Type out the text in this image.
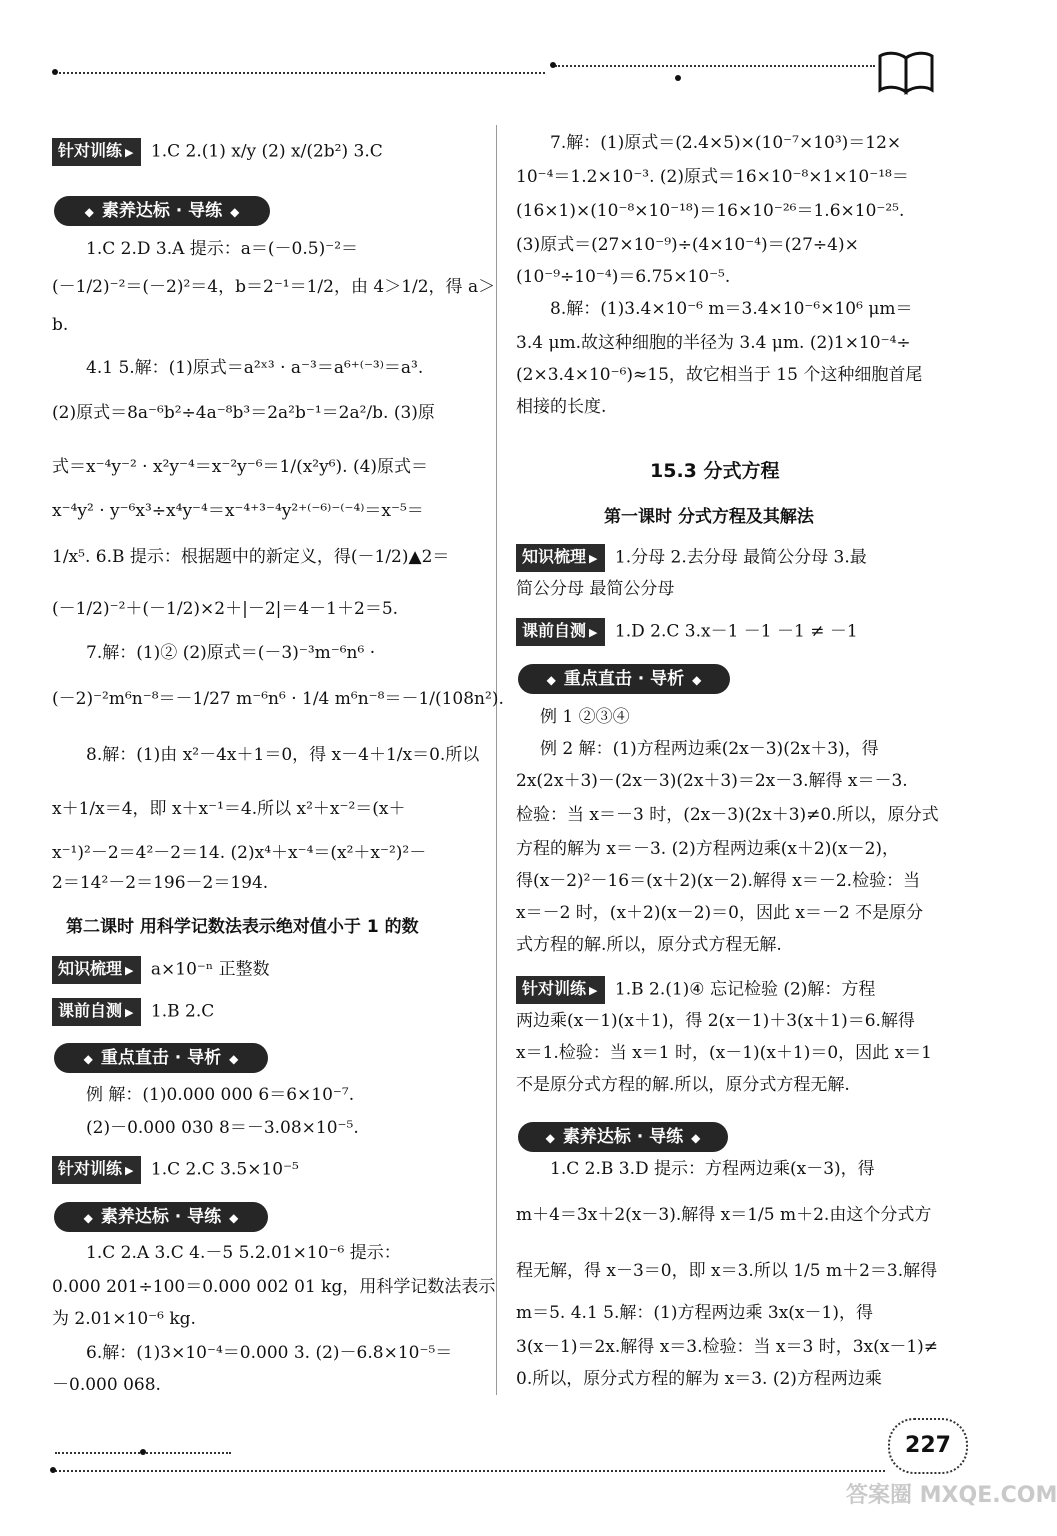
针对训练 ▶ 1.C 2.(1) x/y (2) x/(2b²) 3.C
◆ 素养达标 · 导练 ◆
1.C 2.D 3.A 提示：a＝(－0.5)⁻²＝
(－1/2)⁻²＝(－2)²＝4，b＝2⁻¹＝1/2，由 4＞1/2，得 a＞
b.
4.1 5.解：(1)原式＝a²ˣ³ · a⁻³＝a⁶⁺⁽⁻³⁾＝a³.
(2)原式＝8a⁻⁶b²÷4a⁻⁸b³＝2a²b⁻¹＝2a²/b. (3)原
式＝x⁻⁴y⁻² · x²y⁻⁴＝x⁻²y⁻⁶＝1/(x²y⁶). (4)原式＝
x⁻⁴y² · y⁻⁶x³÷x⁴y⁻⁴＝x⁻⁴⁺³⁻⁴y²⁺⁽⁻⁶⁾⁻⁽⁻⁴⁾＝x⁻⁵＝
1/x⁵. 6.B 提示：根据题中的新定义，得(－1/2)▲2＝
(－1/2)⁻²＋(－1/2)×2＋|－2|＝4－1＋2＝5.
7.解：(1)② (2)原式＝(－3)⁻³m⁻⁶n⁶ ·
(－2)⁻²m⁶n⁻⁸＝－1/27 m⁻⁶n⁶ · 1/4 m⁶n⁻⁸＝－1/(108n²).
8.解：(1)由 x²－4x＋1＝0，得 x－4＋1/x＝0.所以
x＋1/x＝4，即 x＋x⁻¹＝4.所以 x²＋x⁻²＝(x＋
x⁻¹)²－2＝4²－2＝14. (2)x⁴＋x⁻⁴＝(x²＋x⁻²)²－
2＝14²－2＝196－2＝194.
第二课时 用科学记数法表示绝对值小于 1 的数
知识梳理 ▶ a×10⁻ⁿ 正整数
课前自测 ▶ 1.B 2.C
◆ 重点直击 · 导析 ◆
例 解：(1)0.000 000 6＝6×10⁻⁷.
(2)－0.000 030 8＝－3.08×10⁻⁵.
针对训练 ▶ 1.C 2.C 3.5×10⁻⁵
◆ 素养达标 · 导练 ◆
1.C 2.A 3.C 4.－5 5.2.01×10⁻⁶ 提示：
0.000 201÷100＝0.000 002 01 kg，用科学记数法表示
为 2.01×10⁻⁶ kg.
6.解：(1)3×10⁻⁴＝0.000 3. (2)－6.8×10⁻⁵＝
－0.000 068.
7.解：(1)原式＝(2.4×5)×(10⁻⁷×10³)＝12×
10⁻⁴＝1.2×10⁻³. (2)原式＝16×10⁻⁸×1×10⁻¹⁸＝
(16×1)×(10⁻⁸×10⁻¹⁸)＝16×10⁻²⁶＝1.6×10⁻²⁵.
(3)原式＝(27×10⁻⁹)÷(4×10⁻⁴)＝(27÷4)×
(10⁻⁹÷10⁻⁴)＝6.75×10⁻⁵.
8.解：(1)3.4×10⁻⁶ m＝3.4×10⁻⁶×10⁶ μm＝
3.4 μm.故这种细胞的半径为 3.4 μm. (2)1×10⁻⁴÷
(2×3.4×10⁻⁶)≈15，故它相当于 15 个这种细胞首尾
相接的长度.
15.3 分式方程
第一课时 分式方程及其解法
知识梳理 ▶ 1.分母 2.去分母 最简公分母 3.最
简公分母 最简公分母
课前自测 ▶ 1.D 2.C 3.x－1 －1 －1 ≠ －1
◆ 重点直击 · 导析 ◆
例 1 ②③④
例 2 解：(1)方程两边乘(2x－3)(2x＋3)，得
2x(2x＋3)－(2x－3)(2x＋3)＝2x－3.解得 x＝－3.
检验：当 x＝－3 时，(2x－3)(2x＋3)≠0.所以，原分式
方程的解为 x＝－3. (2)方程两边乘(x＋2)(x－2)，
得(x－2)²－16＝(x＋2)(x－2).解得 x＝－2.检验：当
x＝－2 时，(x＋2)(x－2)＝0，因此 x＝－2 不是原分
式方程的解.所以，原分式方程无解.
针对训练 ▶ 1.B 2.(1)④ 忘记检验 (2)解：方程
两边乘(x－1)(x＋1)，得 2(x－1)＋3(x＋1)＝6.解得
x＝1.检验：当 x＝1 时，(x－1)(x＋1)＝0，因此 x＝1
不是原分式方程的解.所以，原分式方程无解.
◆ 素养达标 · 导练 ◆
1.C 2.B 3.D 提示：方程两边乘(x－3)，得
m＋4＝3x＋2(x－3).解得 x＝1/5 m＋2.由这个分式方
程无解，得 x－3＝0，即 x＝3.所以 1/5 m＋2＝3.解得
m＝5. 4.1 5.解：(1)方程两边乘 3x(x－1)，得
3(x－1)＝2x.解得 x＝3.检验：当 x＝3 时，3x(x－1)≠
0.所以，原分式方程的解为 x＝3. (2)方程两边乘
227
答案圈 MXQE.COM
